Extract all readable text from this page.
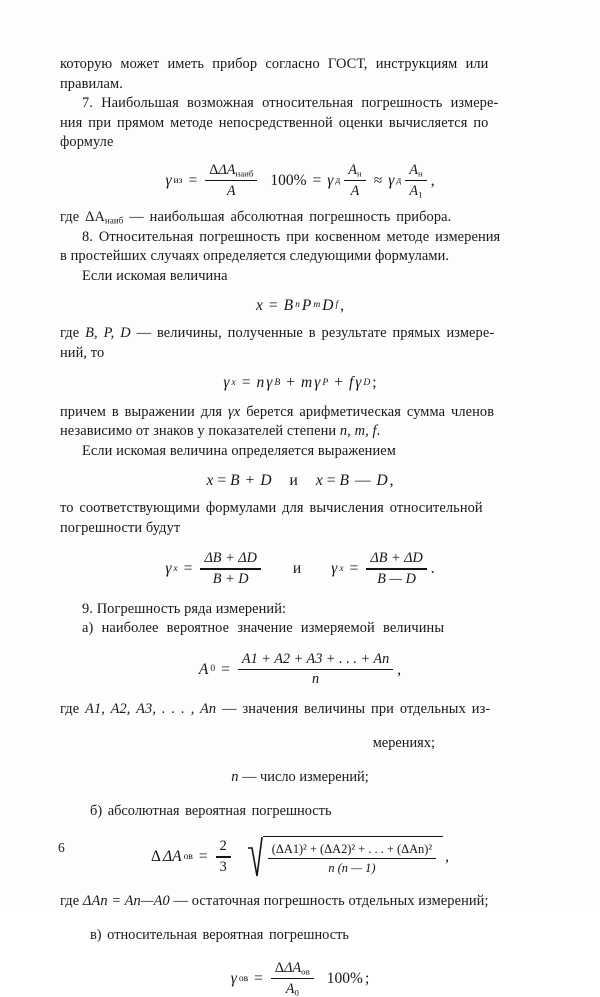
которую может иметь прибор согласно ГОСТ, инструкциям или

правилам.

7. Наибольшая возможная относительная погрешность измере-

ния при прямом методе непосредственной оценки вычисляется по

формуле

γ из = $\frac{\Delta\Delta A_{наиб}}{A} 100\% = \gamma$ д $\frac{A_н}{A} \approx \gamma$ д $\frac{A_н}{A_1}$ ,

где $\Delta A_{наиб}$ — наибольшая абсолютная погрешность прибора.

8. Относительная погрешность при косвенном методе измерения

в простейших случаях определяется следующими формулами.

Если искомая величина

x = B n P m D f ,

где B, P, D — величины, полученные в результате прямых измере-

ний, то

γ x = n γ B + m γ P + f γ D ;

причем в выражении для γx берется арифметическая сумма членов

независимо от знаков у показателей степени n, m, f.

Если искомая величина определяется выражением

x = B + D и x = B — D ,

то соответствующими формулами для вычисления относительной

погрешности будут

γ $x = \frac{\Delta B + \Delta D}{B + D}$ и γ $x = \frac{\Delta B + \Delta D}{B — D}$ .

9. Погрешность ряда измерений:

а) наиболее вероятное значение измеряемой величины

A $0 = \frac{A1 + A2 + A3 + . . . + An}{n}$ ,

где A1, A2, A3, . . . , An — значения величины при отдельных из-

мерениях;

n — число измерений;

б) абсолютная вероятная погрешность

Δ ΔA ов = $\frac{2}{3}$	$\frac{\text{(ΔA1)² + (ΔA2)² + . . . + (ΔAn)²}}{n (n — 1)}$ ,

где ΔAn = An—A0 — остаточная погрешность отдельных измерений;

в) относительная вероятная погрешность

γ ов = $\frac{\Delta\Delta A_{ов}}{A_0} 100\%$ ;
6
